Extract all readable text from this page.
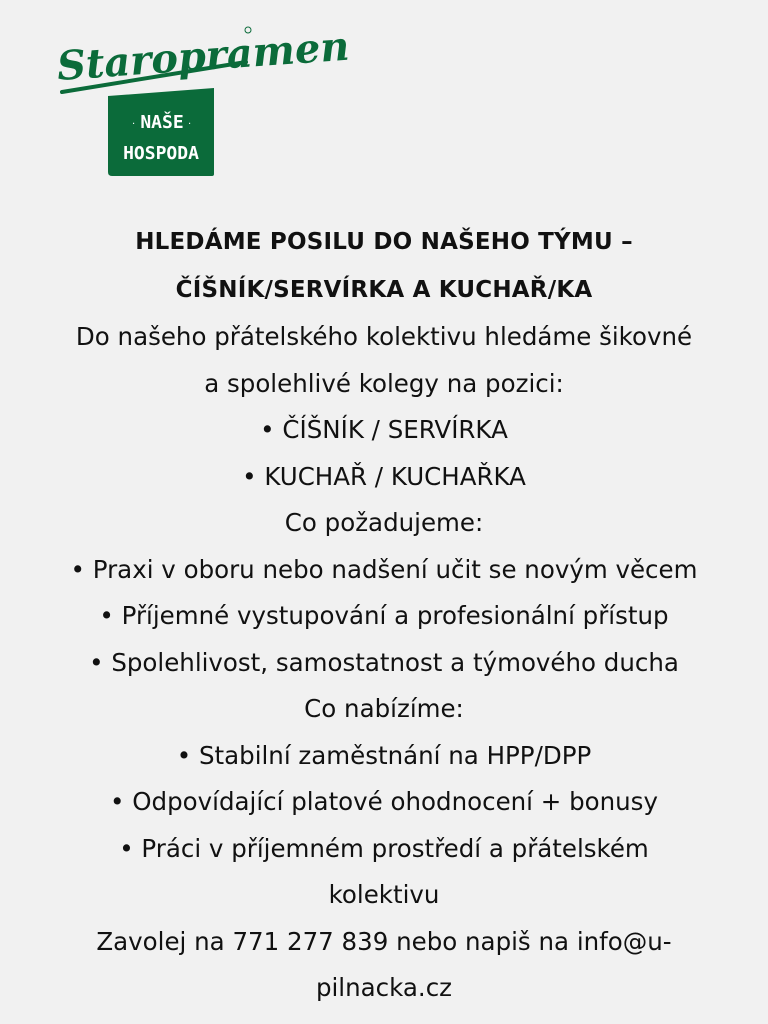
Staropramen
NAŠE
·	·
HOSPODA
HLEDÁME POSILU DO NAŠEHO TÝMU –
ČÍŠNÍK/SERVÍRKA A KUCHAŘ/KA
Do našeho přátelského kolektivu hledáme šikovné
a spolehlivé kolegy na pozici:
• ČÍŠNÍK / SERVÍRKA
• KUCHAŘ / KUCHAŘKA
Co požadujeme:
• Praxi v oboru nebo nadšení učit se novým věcem
• Příjemné vystupování a profesionální přístup
• Spolehlivost, samostatnost a týmového ducha
Co nabízíme:
• Stabilní zaměstnání na HPP/DPP
• Odpovídající platové ohodnocení + bonusy
• Práci v příjemném prostředí a přátelském
kolektivu
Zavolej na 771 277 839 nebo napiš na info@u-
pilnacka.cz
